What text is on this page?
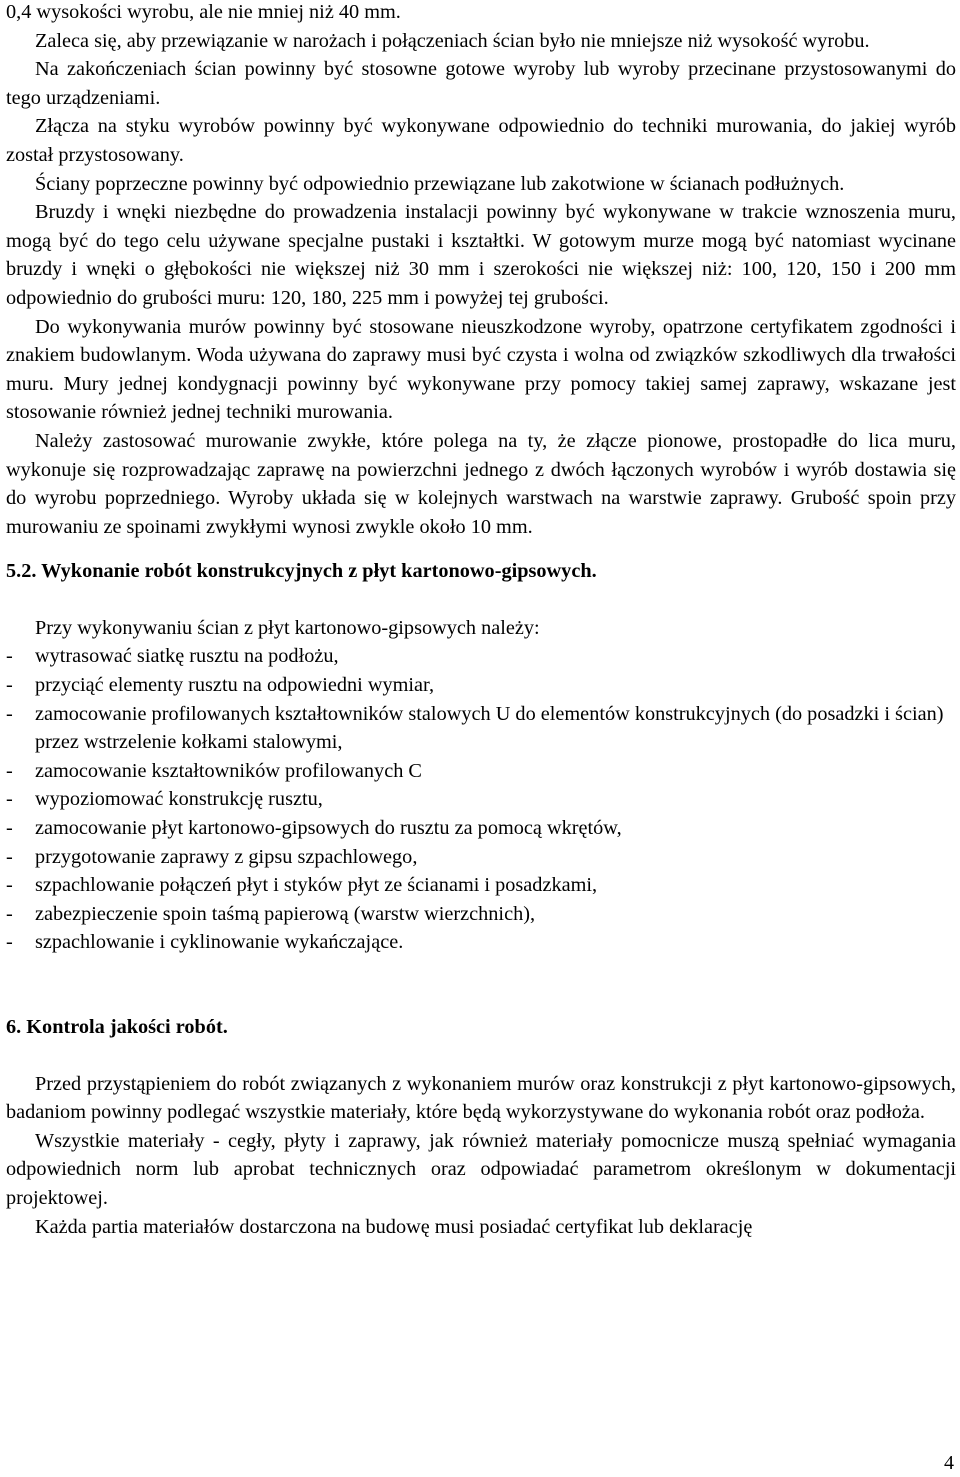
0,4 wysokości wyrobu, ale nie mniej niż 40 mm.

Zaleca się, aby przewiązanie w narożach i połączeniach ścian było nie mniejsze niż wysokość wyrobu.

Na zakończeniach ścian powinny być stosowne gotowe wyroby lub wyroby przecinane przystosowanymi do tego urządzeniami.

Złącza na styku wyrobów powinny być wykonywane odpowiednio do techniki murowania, do jakiej wyrób został przystosowany.

Ściany poprzeczne powinny być odpowiednio przewiązane lub zakotwione w ścianach podłużnych.

Bruzdy i wnęki niezbędne do prowadzenia instalacji powinny być wykonywane w trakcie wznoszenia muru, mogą być do tego celu używane specjalne pustaki i kształtki. W gotowym murze mogą być natomiast wycinane bruzdy i wnęki o głębokości nie większej niż 30 mm i szerokości nie większej niż: 100, 120, 150 i 200 mm odpowiednio do grubości muru: 120, 180, 225 mm i powyżej tej grubości.

Do wykonywania murów powinny być stosowane nieuszkodzone wyroby, opatrzone certyfikatem zgodności i znakiem budowlanym. Woda używana do zaprawy musi być czysta i wolna od związków szkodliwych dla trwałości muru. Mury jednej kondygnacji powinny być wykonywane przy pomocy takiej samej zaprawy, wskazane jest stosowanie również jednej techniki murowania.

Należy zastosować murowanie zwykłe, które polega na ty, że złącze pionowe, prostopadłe do lica muru, wykonuje się rozprowadzając zaprawę na powierzchni jednego z dwóch łączonych wyrobów i wyrób dostawia się do wyrobu poprzedniego. Wyroby układa się w kolejnych warstwach na warstwie zaprawy. Grubość spoin przy murowaniu ze spoinami zwykłymi wynosi zwykle około 10 mm.

5.2. Wykonanie robót konstrukcyjnych z płyt kartonowo-gipsowych.

Przy wykonywaniu ścian z płyt kartonowo-gipsowych należy:

- wytrasować siatkę rusztu na podłożu,
- przyciąć elementy rusztu na odpowiedni wymiar,
- zamocowanie profilowanych kształtowników stalowych U do elementów konstrukcyjnych (do posadzki i ścian) przez wstrzelenie kołkami stalowymi,
- zamocowanie kształtowników profilowanych C
- wypoziomować konstrukcję rusztu,
- zamocowanie płyt kartonowo-gipsowych do rusztu za pomocą wkrętów,
- przygotowanie zaprawy z gipsu szpachlowego,
- szpachlowanie połączeń płyt i styków płyt ze ścianami i posadzkami,
- zabezpieczenie spoin taśmą papierową (warstw wierzchnich),
- szpachlowanie i cyklinowanie wykańczające.
6. Kontrola jakości robót.

Przed przystąpieniem do robót związanych z wykonaniem murów oraz konstrukcji z płyt kartonowo-gipsowych, badaniom powinny podlegać wszystkie materiały, które będą wykorzystywane do wykonania robót oraz podłoża.

Wszystkie materiały - cegły, płyty i zaprawy, jak również materiały pomocnicze muszą spełniać wymagania odpowiednich norm lub aprobat technicznych oraz odpowiadać parametrom określonym w dokumentacji projektowej.

Każda partia materiałów dostarczona na budowę musi posiadać certyfikat lub deklarację

4
